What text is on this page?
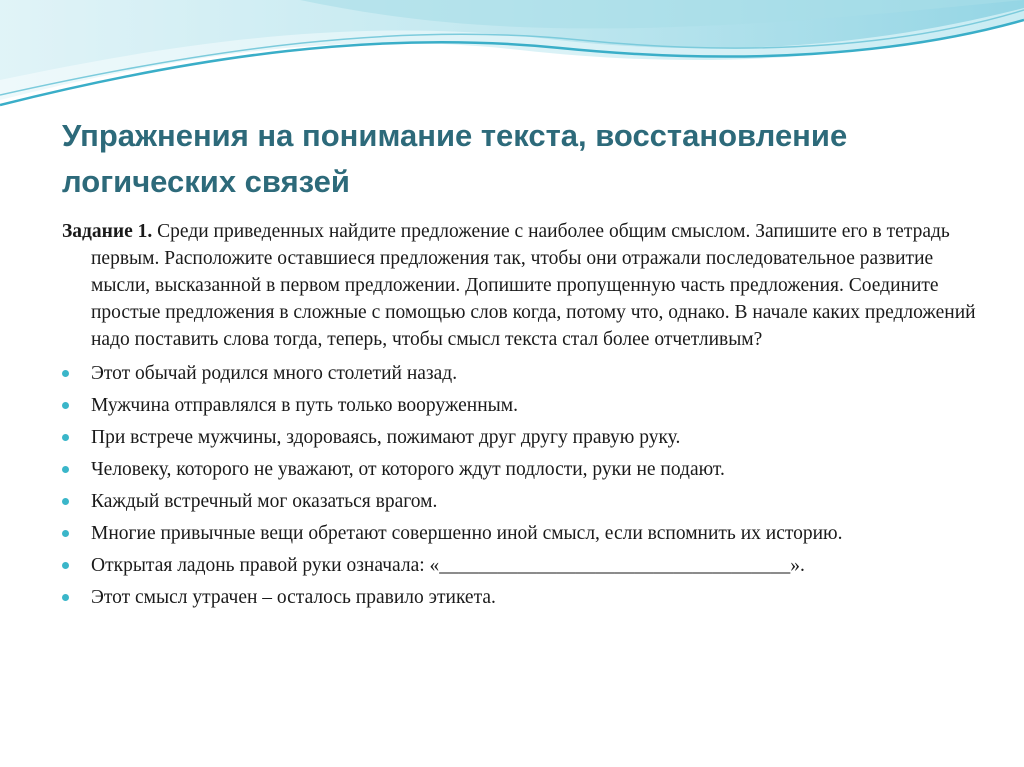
Упражнения на понимание текста, восстановление логических связей

Задание 1. Среди приведенных найдите предложение с наиболее общим смыслом. Запишите его в тетрадь первым. Расположите оставшиеся предложения так, чтобы они отражали последовательное развитие мысли, высказанной в первом предложении. Допишите пропущенную часть предложения. Соедините простые предложения в сложные с помощью слов когда, потому что, однако. В начале каких предложений надо поставить слова тогда, теперь, чтобы смысл текста стал более отчетливым?

Этот обычай родился много столетий назад.
Мужчина отправлялся в путь только вооруженным.
При встрече мужчины, здороваясь, пожимают друг другу правую руку.
Человеку, которого не уважают, от которого ждут подлости, руки не подают.
Каждый встречный мог оказаться врагом.
Многие привычные вещи обретают совершенно иной смысл, если вспомнить их историю.
Открытая ладонь правой руки означала: «____________________________________».
Этот смысл утрачен – осталось правило этикета.
